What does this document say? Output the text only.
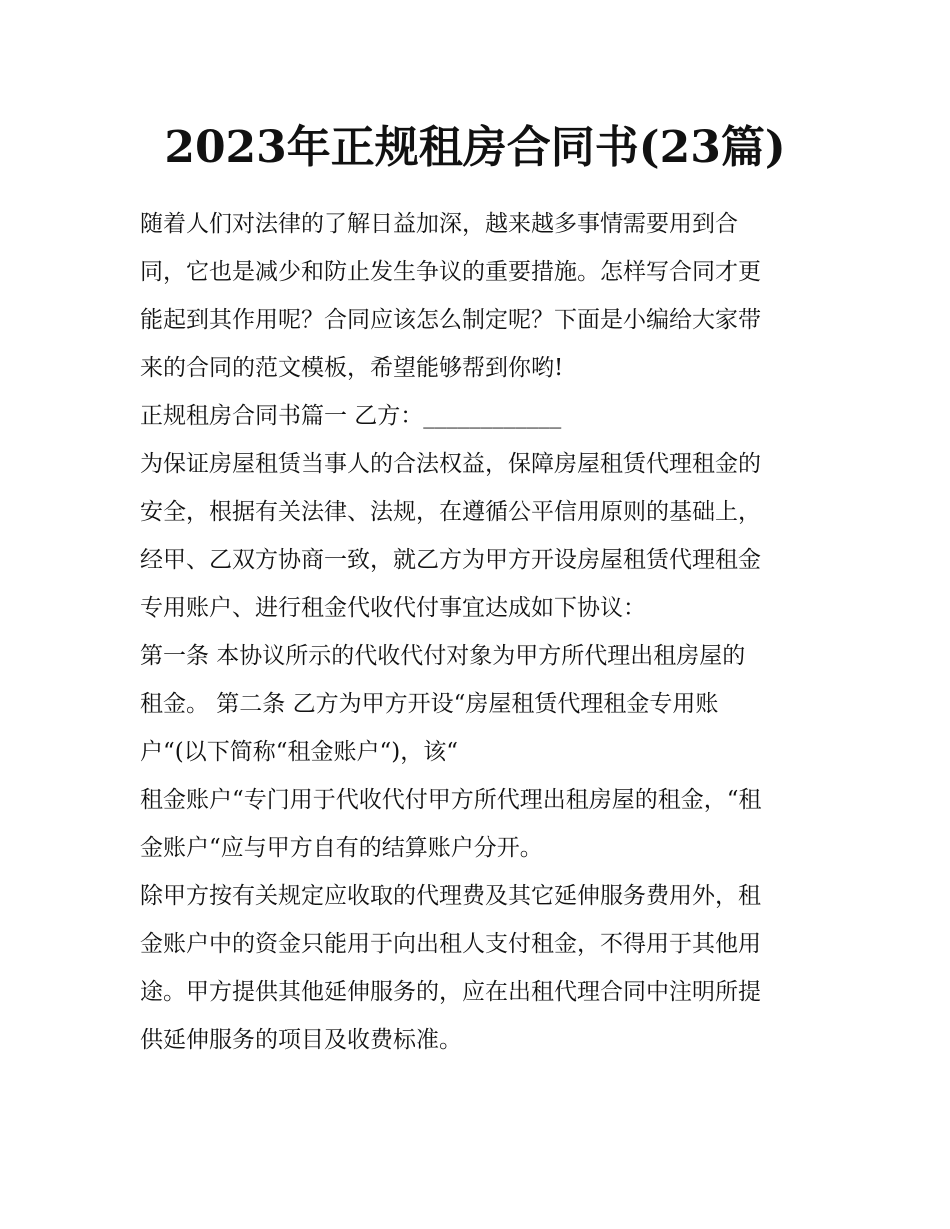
2023年正规租房合同书(23篇)
随着人们对法律的了解日益加深，越来越多事情需要用到合
同，它也是减少和防止发生争议的重要措施。怎样写合同才更
能起到其作用呢？合同应该怎么制定呢？下面是小编给大家带
来的合同的范文模板，希望能够帮到你哟!
正规租房合同书篇一 乙方：____________
为保证房屋租赁当事人的合法权益，保障房屋租赁代理租金的
安全，根据有关法律、法规，在遵循公平信用原则的基础上，
经甲、乙双方协商一致，就乙方为甲方开设房屋租赁代理租金
专用账户、进行租金代收代付事宜达成如下协议：
第一条 本协议所示的代收代付对象为甲方所代理出租房屋的
租金。 第二条 乙方为甲方开设“房屋租赁代理租金专用账
户“(以下简称“租金账户“)，该“
租金账户“专门用于代收代付甲方所代理出租房屋的租金，“租
金账户“应与甲方自有的结算账户分开。
除甲方按有关规定应收取的代理费及其它延伸服务费用外，租
金账户中的资金只能用于向出租人支付租金，不得用于其他用
途。甲方提供其他延伸服务的，应在出租代理合同中注明所提
供延伸服务的项目及收费标准。
